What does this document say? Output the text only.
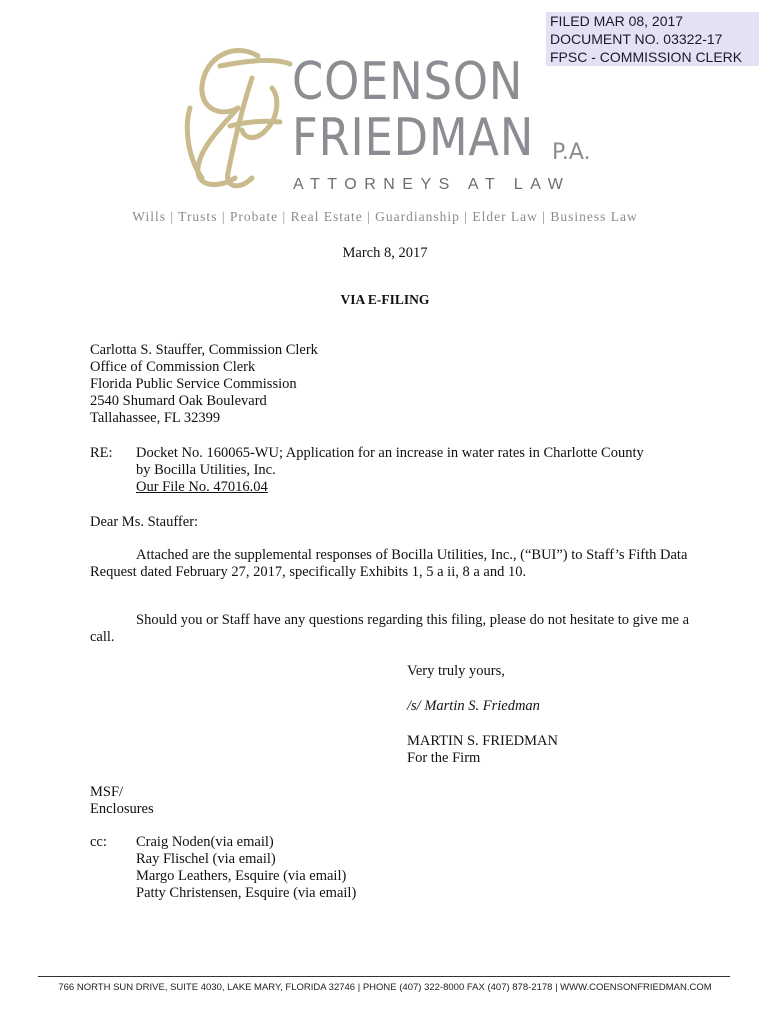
FILED MAR 08, 2017
DOCUMENT NO. 03322-17
FPSC - COMMISSION CLERK
COENSON
FRIEDMAN P.A.
ATTORNEYS AT LAW
Wills | Trusts | Probate | Real Estate | Guardianship | Elder Law | Business Law
March 8, 2017
VIA E-FILING
Carlotta S. Stauffer, Commission Clerk
Office of Commission Clerk
Florida Public Service Commission
2540 Shumard Oak Boulevard
Tallahassee, FL 32399
RE: Docket No. 160065-WU; Application for an increase in water rates in Charlotte County
by Bocilla Utilities, Inc.
Our File No. 47016.04
Dear Ms. Stauffer:
Attached are the supplemental responses of Bocilla Utilities, Inc., (“BUI”) to Staff’s Fifth Data Request dated February 27, 2017, specifically Exhibits 1, 5 a ii, 8 a and 10.
Should you or Staff have any questions regarding this filing, please do not hesitate to give me a call.
Very truly yours,
/s/ Martin S. Friedman
MARTIN S. FRIEDMAN
For the Firm
MSF/
Enclosures
cc: Craig Noden(via email)
Ray Flischel (via email)
Margo Leathers, Esquire (via email)
Patty Christensen, Esquire (via email)
766 NORTH SUN DRIVE, SUITE 4030, LAKE MARY, FLORIDA 32746 | PHONE (407) 322-8000 FAX (407) 878-2178 | WWW.COENSONFRIEDMAN.COM
